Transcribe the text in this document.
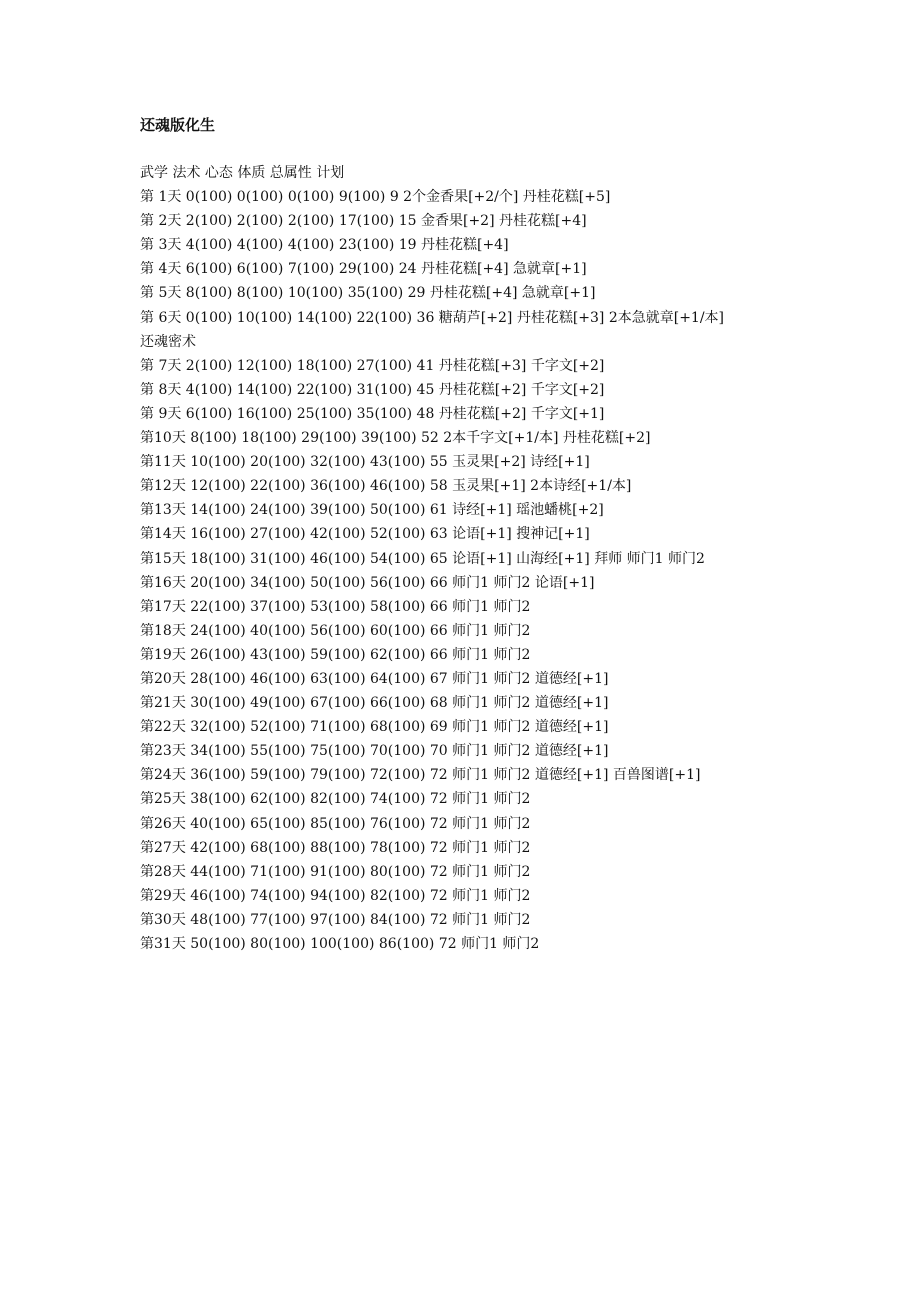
还魂版化生
武学 法术 心态 体质 总属性 计划
第 1天 0(100) 0(100) 0(100) 9(100) 9 2个金香果[+2/个] 丹桂花糕[+5]
第 2天 2(100) 2(100) 2(100) 17(100) 15 金香果[+2] 丹桂花糕[+4]
第 3天 4(100) 4(100) 4(100) 23(100) 19 丹桂花糕[+4]
第 4天 6(100) 6(100) 7(100) 29(100) 24 丹桂花糕[+4] 急就章[+1]
第 5天 8(100) 8(100) 10(100) 35(100) 29 丹桂花糕[+4] 急就章[+1]
第 6天 0(100) 10(100) 14(100) 22(100) 36 糖葫芦[+2] 丹桂花糕[+3] 2本急就章[+1/本]
还魂密术
第 7天 2(100) 12(100) 18(100) 27(100) 41 丹桂花糕[+3] 千字文[+2]
第 8天 4(100) 14(100) 22(100) 31(100) 45 丹桂花糕[+2] 千字文[+2]
第 9天 6(100) 16(100) 25(100) 35(100) 48 丹桂花糕[+2] 千字文[+1]
第10天 8(100) 18(100) 29(100) 39(100) 52 2本千字文[+1/本] 丹桂花糕[+2]
第11天 10(100) 20(100) 32(100) 43(100) 55 玉灵果[+2] 诗经[+1]
第12天 12(100) 22(100) 36(100) 46(100) 58 玉灵果[+1] 2本诗经[+1/本]
第13天 14(100) 24(100) 39(100) 50(100) 61 诗经[+1] 瑶池蟠桃[+2]
第14天 16(100) 27(100) 42(100) 52(100) 63 论语[+1] 搜神记[+1]
第15天 18(100) 31(100) 46(100) 54(100) 65 论语[+1] 山海经[+1] 拜师 师门1 师门2
第16天 20(100) 34(100) 50(100) 56(100) 66 师门1 师门2 论语[+1]
第17天 22(100) 37(100) 53(100) 58(100) 66 师门1 师门2
第18天 24(100) 40(100) 56(100) 60(100) 66 师门1 师门2
第19天 26(100) 43(100) 59(100) 62(100) 66 师门1 师门2
第20天 28(100) 46(100) 63(100) 64(100) 67 师门1 师门2 道德经[+1]
第21天 30(100) 49(100) 67(100) 66(100) 68 师门1 师门2 道德经[+1]
第22天 32(100) 52(100) 71(100) 68(100) 69 师门1 师门2 道德经[+1]
第23天 34(100) 55(100) 75(100) 70(100) 70 师门1 师门2 道德经[+1]
第24天 36(100) 59(100) 79(100) 72(100) 72 师门1 师门2 道德经[+1] 百兽图谱[+1]
第25天 38(100) 62(100) 82(100) 74(100) 72 师门1 师门2
第26天 40(100) 65(100) 85(100) 76(100) 72 师门1 师门2
第27天 42(100) 68(100) 88(100) 78(100) 72 师门1 师门2
第28天 44(100) 71(100) 91(100) 80(100) 72 师门1 师门2
第29天 46(100) 74(100) 94(100) 82(100) 72 师门1 师门2
第30天 48(100) 77(100) 97(100) 84(100) 72 师门1 师门2
第31天 50(100) 80(100) 100(100) 86(100) 72 师门1 师门2
